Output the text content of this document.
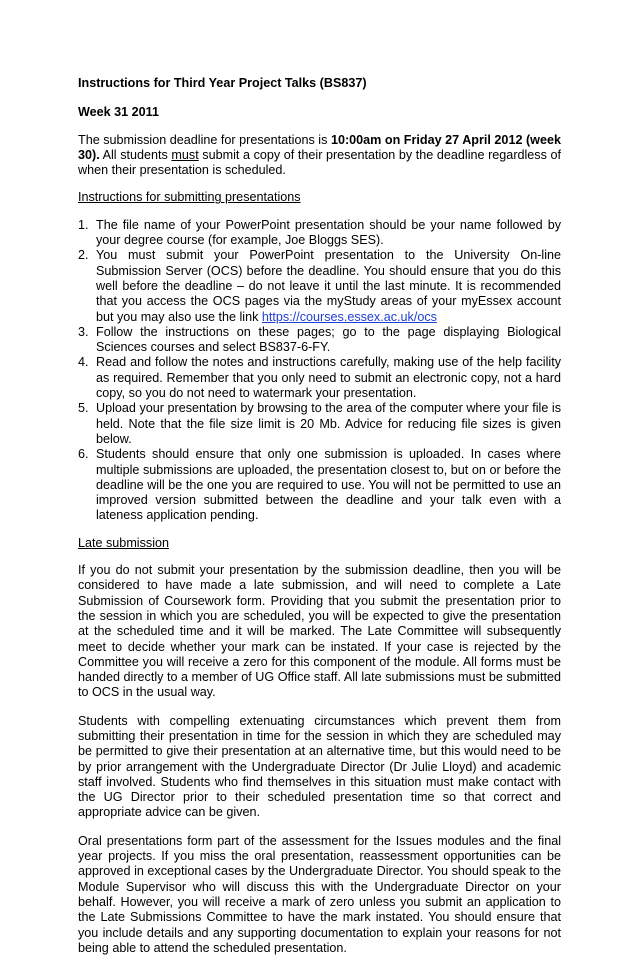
Instructions for Third Year Project Talks (BS837)

Week 31 2011

The submission deadline for presentations is 10:00am on Friday 27 April 2012 (week 30). All students must submit a copy of their presentation by the deadline regardless of when their presentation is scheduled.

Instructions for submitting presentations

1. The file name of your PowerPoint presentation should be your name followed by your degree course (for example, Joe Bloggs SES).
2. You must submit your PowerPoint presentation to the University On-line Submission Server (OCS) before the deadline. You should ensure that you do this well before the deadline – do not leave it until the last minute. It is recommended that you access the OCS pages via the myStudy areas of your myEssex account but you may also use the link https://courses.essex.ac.uk/ocs
3. Follow the instructions on these pages; go to the page displaying Biological Sciences courses and select BS837-6-FY.
4. Read and follow the notes and instructions carefully, making use of the help facility as required. Remember that you only need to submit an electronic copy, not a hard copy, so you do not need to watermark your presentation.
5. Upload your presentation by browsing to the area of the computer where your file is held. Note that the file size limit is 20 Mb. Advice for reducing file sizes is given below.
6. Students should ensure that only one submission is uploaded. In cases where multiple submissions are uploaded, the presentation closest to, but on or before the deadline will be the one you are required to use. You will not be permitted to use an improved version submitted between the deadline and your talk even with a lateness application pending.

Late submission

If you do not submit your presentation by the submission deadline, then you will be considered to have made a late submission, and will need to complete a Late Submission of Coursework form. Providing that you submit the presentation prior to the session in which you are scheduled, you will be expected to give the presentation at the scheduled time and it will be marked. The Late Committee will subsequently meet to decide whether your mark can be instated. If your case is rejected by the Committee you will receive a zero for this component of the module. All forms must be handed directly to a member of UG Office staff. All late submissions must be submitted to OCS in the usual way.

Students with compelling extenuating circumstances which prevent them from submitting their presentation in time for the session in which they are scheduled may be permitted to give their presentation at an alternative time, but this would need to be by prior arrangement with the Undergraduate Director (Dr Julie Lloyd) and academic staff involved. Students who find themselves in this situation must make contact with the UG Director prior to their scheduled presentation time so that correct and appropriate advice can be given.

Oral presentations form part of the assessment for the Issues modules and the final year projects. If you miss the oral presentation, reassessment opportunities can be approved in exceptional cases by the Undergraduate Director. You should speak to the Module Supervisor who will discuss this with the Undergraduate Director on your behalf. However, you will receive a mark of zero unless you submit an application to the Late Submissions Committee to have the mark instated. You should ensure that you include details and any supporting documentation to explain your reasons for not being able to attend the scheduled presentation.
